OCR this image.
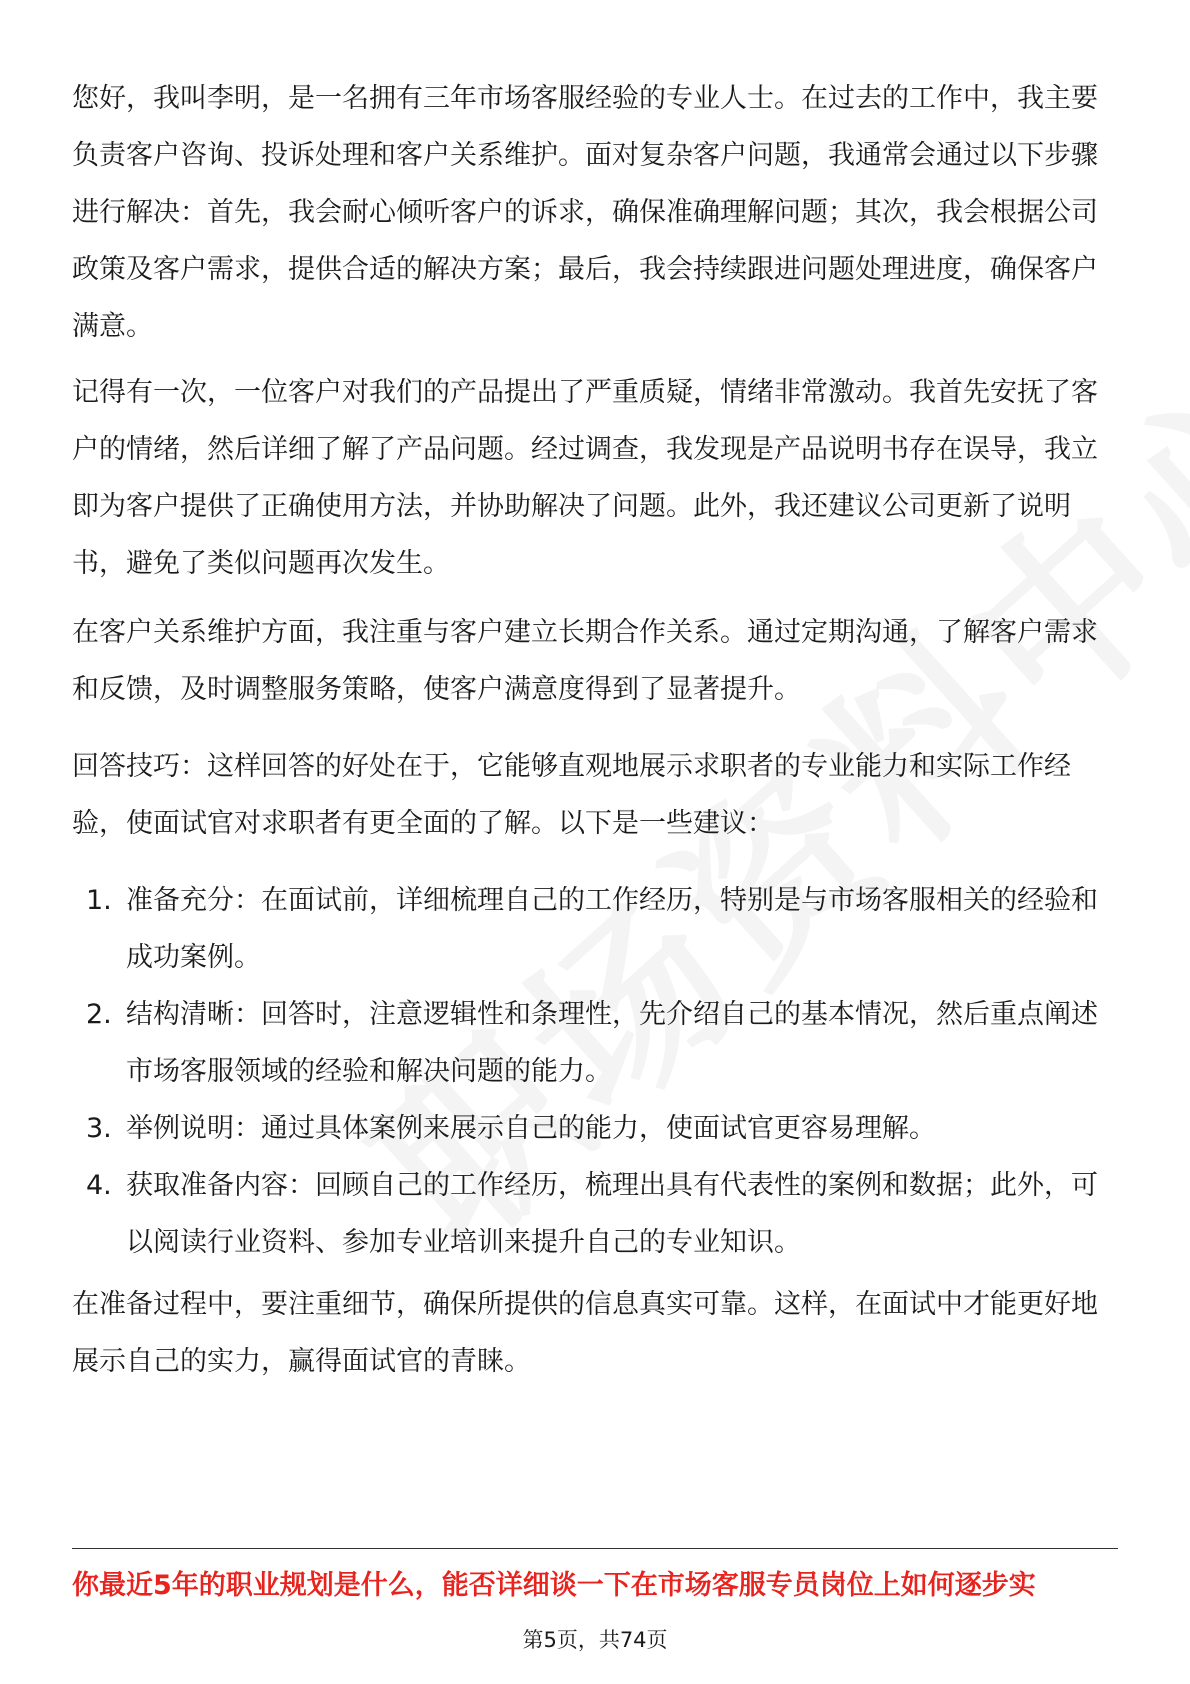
您好，我叫李明，是一名拥有三年市场客服经验的专业人士。在过去的工作中，我主要负责客户咨询、投诉处理和客户关系维护。面对复杂客户问题，我通常会通过以下步骤进行解决：首先，我会耐心倾听客户的诉求，确保准确理解问题；其次，我会根据公司政策及客户需求，提供合适的解决方案；最后，我会持续跟进问题处理进度，确保客户满意。

记得有一次，一位客户对我们的产品提出了严重质疑，情绪非常激动。我首先安抚了客户的情绪，然后详细了解了产品问题。经过调查，我发现是产品说明书存在误导，我立即为客户提供了正确使用方法，并协助解决了问题。此外，我还建议公司更新了说明书，避免了类似问题再次发生。

在客户关系维护方面，我注重与客户建立长期合作关系。通过定期沟通，了解客户需求和反馈，及时调整服务策略，使客户满意度得到了显著提升。

回答技巧：这样回答的好处在于，它能够直观地展示求职者的专业能力和实际工作经验，使面试官对求职者有更全面的了解。以下是一些建议：

1. 准备充分：在面试前，详细梳理自己的工作经历，特别是与市场客服相关的经验和成功案例。
2. 结构清晰：回答时，注意逻辑性和条理性，先介绍自己的基本情况，然后重点阐述市场客服领域的经验和解决问题的能力。
3. 举例说明：通过具体案例来展示自己的能力，使面试官更容易理解。
4. 获取准备内容：回顾自己的工作经历，梳理出具有代表性的案例和数据；此外，可以阅读行业资料、参加专业培训来提升自己的专业知识。

在准备过程中，要注重细节，确保所提供的信息真实可靠。这样，在面试中才能更好地展示自己的实力，赢得面试官的青睐。

你最近5年的职业规划是什么，能否详细谈一下在市场客服专员岗位上如何逐步实
第5页，共74页
